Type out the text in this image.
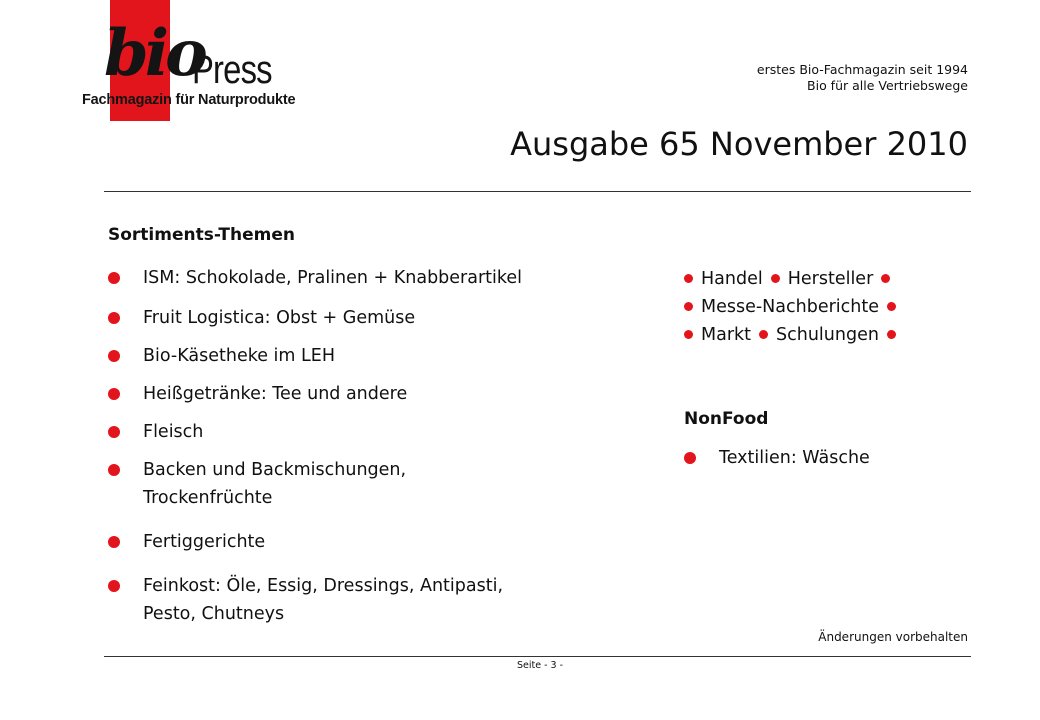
bio
Press
Fachmagazin für Naturprodukte
erstes Bio-Fachmagazin seit 1994
Bio für alle Vertriebswege
Ausgabe 65 November 2010
Sortiments-Themen
ISM: Schokolade, Pralinen + Knabberartikel
Fruit Logistica: Obst + Gemüse
Bio-Käsetheke im LEH
Heißgetränke: Tee und andere
Fleisch
Backen und Backmischungen,
Trockenfrüchte
Fertiggerichte
Feinkost: Öle, Essig, Dressings, Antipasti,
Pesto, Chutneys
Handel Hersteller
Messe-Nachberichte
Markt Schulungen
NonFood
Textilien: Wäsche
Änderungen vorbehalten
Seite - 3 -
